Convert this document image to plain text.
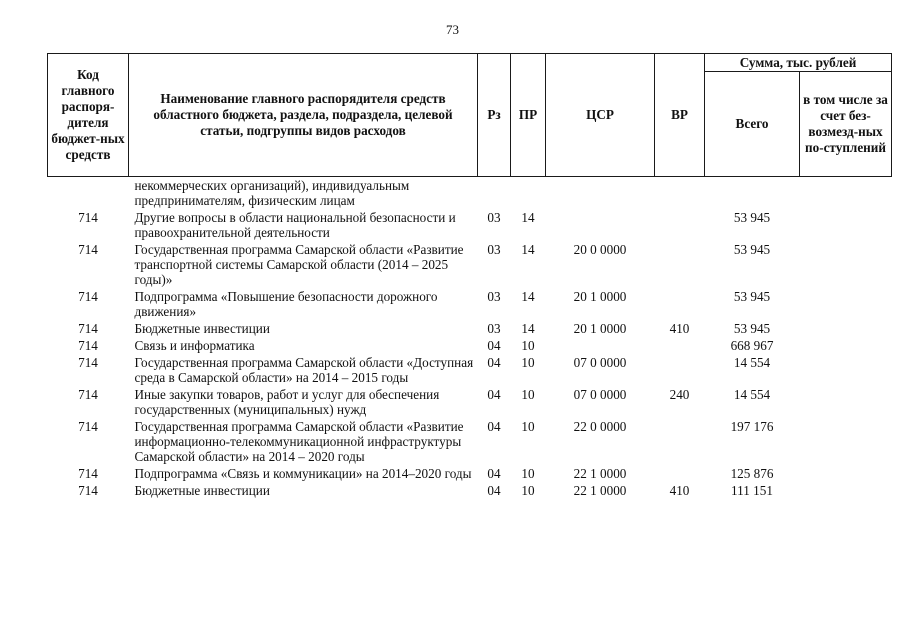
73
Код главного распоря-дителя бюджет-ных средств	Наименование главного распорядителя средств областного бюджета, раздела, подраздела, целевой статьи, подгруппы видов расходов	Рз	ПР	ЦСР	ВР	Сумма, тыс. рублей	
						Всего	в том числе за счет без-возмезд-ных по-ступлений
	некоммерческих организаций), индивидуальным предпринимателям, физическим лицам						
714	Другие вопросы в области национальной безопасности и правоохранительной деятельности	03	14			53 945	
714	Государственная программа Самарской области «Развитие транспортной системы Самарской области (2014 – 2025 годы)»	03	14	20 0 0000		53 945	
714	Подпрограмма «Повышение безопасности дорожного движения»	03	14	20 1 0000		53 945	
714	Бюджетные инвестиции	03	14	20 1 0000	410	53 945	
714	Связь и информатика	04	10			668 967	
714	Государственная программа Самарской области «Доступная среда в Самарской области» на 2014 – 2015 годы	04	10	07 0 0000		14 554	
714	Иные закупки товаров, работ и услуг для обеспечения государственных (муниципальных) нужд	04	10	07 0 0000	240	14 554	
714	Государственная программа Самарской области «Развитие информационно-телекоммуникационной инфраструктуры Самарской области» на 2014 – 2020 годы	04	10	22 0 0000		197 176	
714	Подпрограмма «Связь и коммуникации» на 2014–2020 годы	04	10	22 1 0000		125 876	
714	Бюджетные инвестиции	04	10	22 1 0000	410	111 151	
